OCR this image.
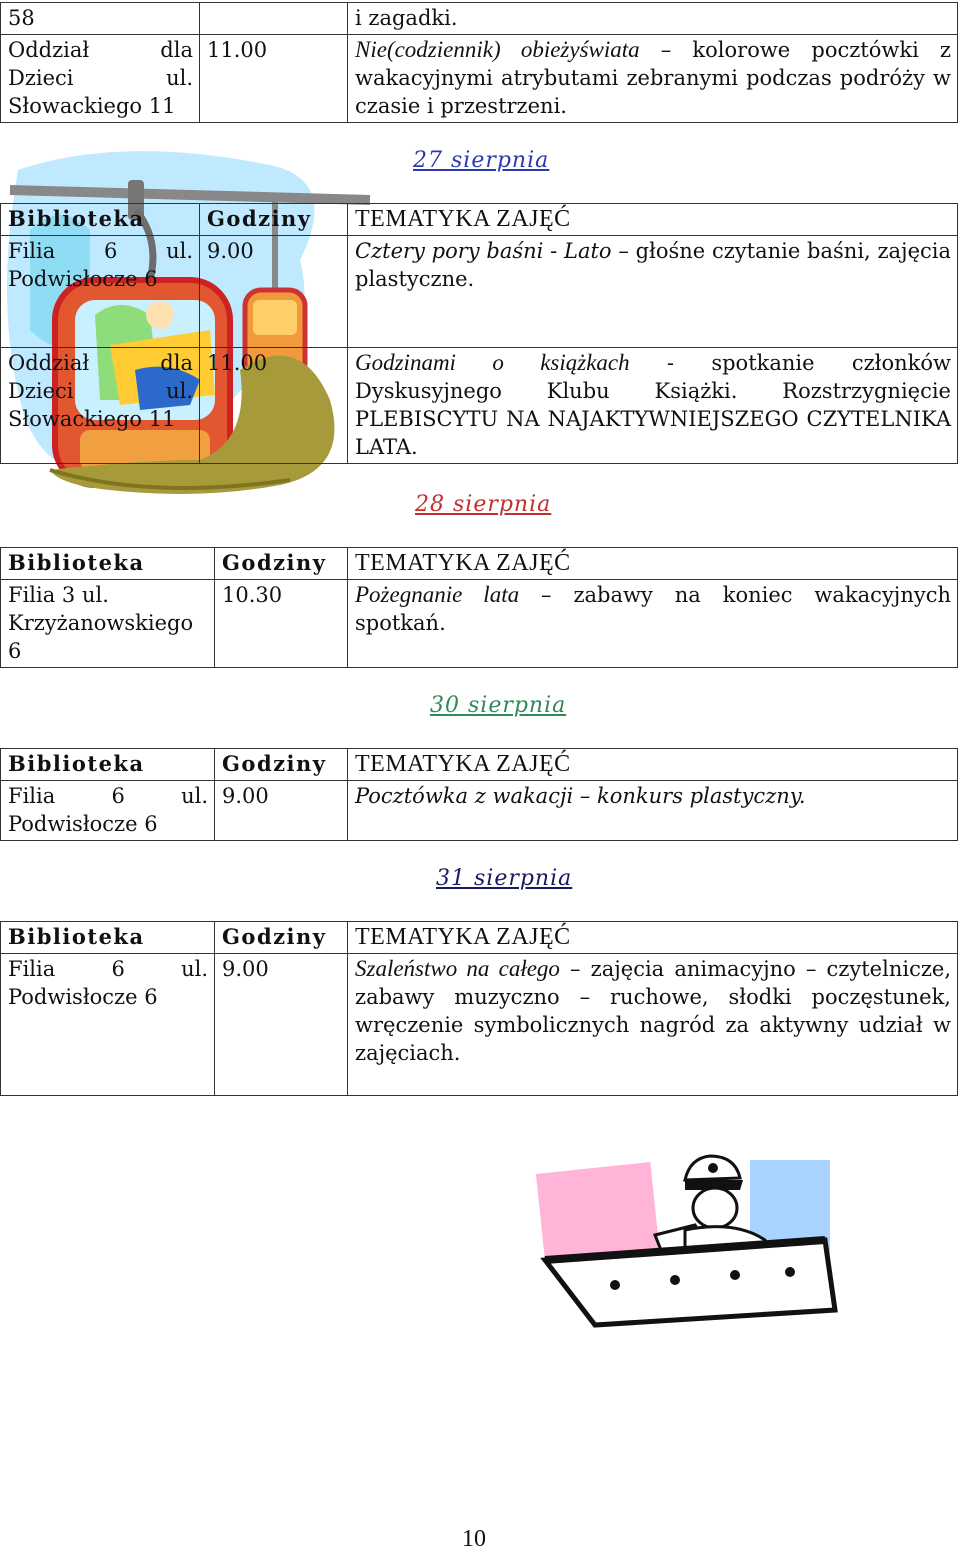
58		i zagadki.
Oddział dla Dzieci ul. Słowackiego 11	11.00	Nie(codziennik) obieżyświata – kolorowe pocztówki z wakacyjnymi atrybutami zebranymi podczas podróży w czasie i przestrzeni.
27 sierpnia
Biblioteka	Godziny	TEMATYKA ZAJĘĆ
Filia 6 ul. Podwisłocze 6	9.00	Cztery pory baśni - Lato – głośne czytanie baśni, zajęcia plastyczne.
Oddział dla Dzieci ul. Słowackiego 11	11.00	Godzinami o książkach - spotkanie członków Dyskusyjnego Klubu Książki. Rozstrzygnięcie PLEBISCYTU NA NAJAKTYWNIEJSZEGO CZYTELNIKA LATA.
28 sierpnia
Biblioteka	Godziny	TEMATYKA ZAJĘĆ
Filia 3 ul. Krzyżanowskiego 6	10.30	Pożegnanie lata – zabawy na koniec wakacyjnych spotkań.
30 sierpnia
Biblioteka	Godziny	TEMATYKA ZAJĘĆ
Filia 6 ul. Podwisłocze 6	9.00	Pocztówka z wakacji – konkurs plastyczny.
31 sierpnia
Biblioteka	Godziny	TEMATYKA ZAJĘĆ
Filia 6 ul. Podwisłocze 6	9.00	Szaleństwo na całego – zajęcia animacyjno – czytelnicze, zabawy muzyczno – ruchowe, słodki poczęstunek, wręczenie symbolicznych nagród za aktywny udział w zajęciach.
10
